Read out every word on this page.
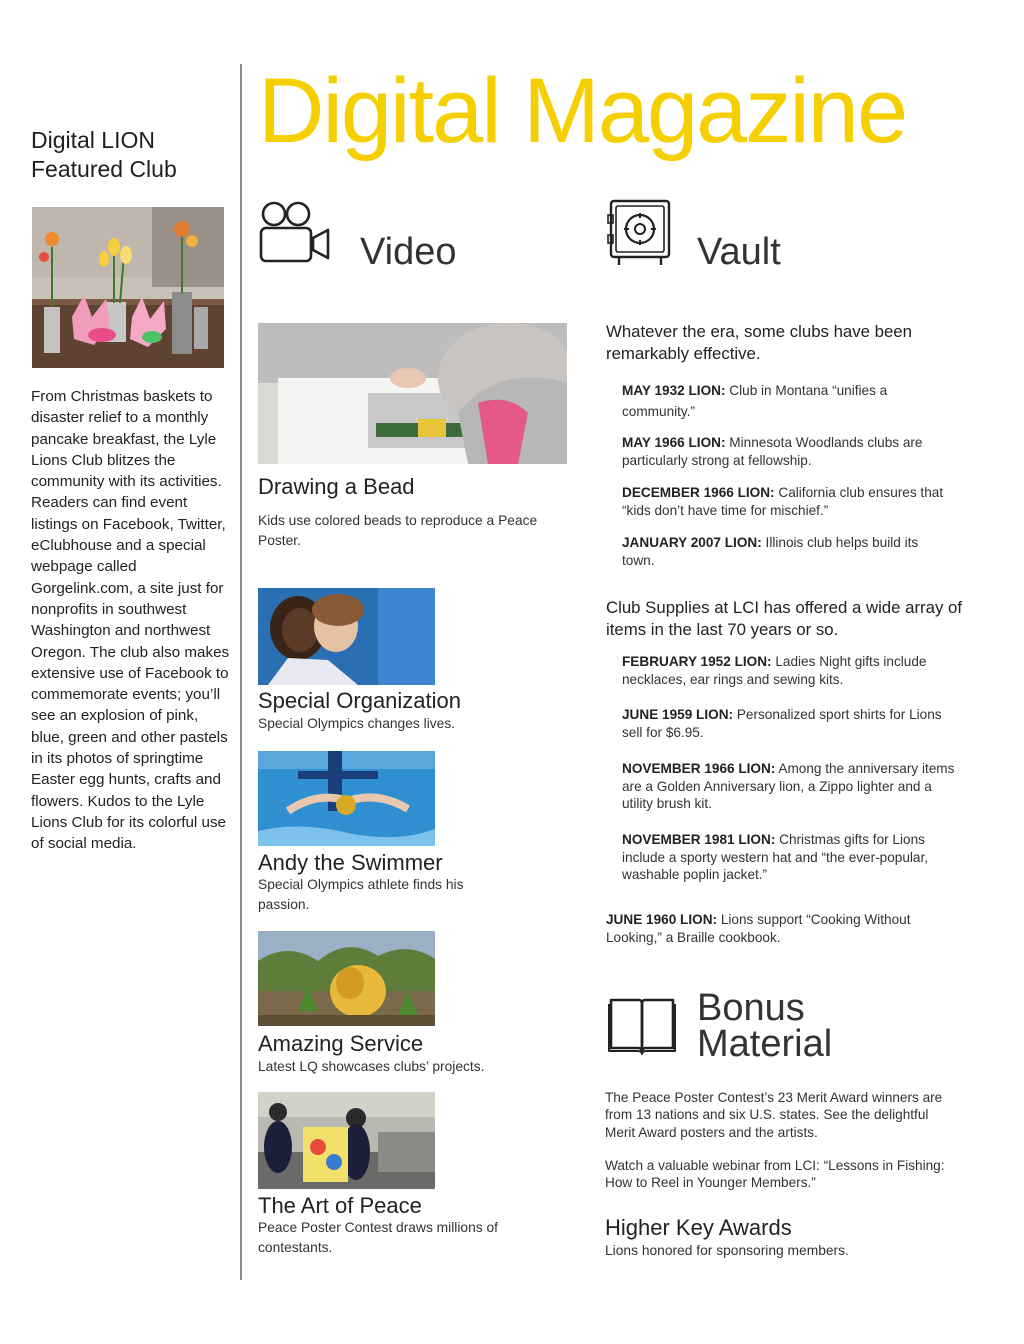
Digital LION
Featured Club
From Christmas baskets to disaster relief to a monthly pancake breakfast, the Lyle Lions Club blitzes the community with its activities. Readers can find event listings on Facebook, Twitter, eClubhouse and a special webpage called Gorgelink.com, a site just for nonprofits in southwest Washington and northwest Oregon. The club also makes extensive use of Facebook to commemorate events; you’ll see an explosion of pink, blue, green and other pastels in its photos of springtime Easter egg hunts, crafts and flowers. Kudos to the Lyle Lions Club for its colorful use of social media.
Digital Magazine
Video
Drawing a Bead
Kids use colored beads to reproduce a Peace Poster.
Special Organization
Special Olympics changes lives.
Andy the Swimmer
Special Olympics athlete finds his passion.
Amazing Service
Latest LQ showcases clubs’ projects.
The Art of Peace
Peace Poster Contest draws millions of contestants.
Vault
Whatever the era, some clubs have been remarkably effective.
MAY 1932 LION: Club in Montana “unifies a community.”
MAY 1966 LION: Minnesota Woodlands clubs are particularly strong at fellowship.
DECEMBER 1966 LION: California club ensures that “kids don’t have time for mischief.”
JANUARY 2007 LION: Illinois club helps build its town.
Club Supplies at LCI has offered a wide array of items in the last 70 years or so.
FEBRUARY 1952 LION: Ladies Night gifts include necklaces, ear rings and sewing kits.
JUNE 1959 LION: Personalized sport shirts for Lions sell for $6.95.
NOVEMBER 1966 LION: Among the anniversary items are a Golden Anniversary lion, a Zippo lighter and a utility brush kit.
NOVEMBER 1981 LION: Christmas gifts for Lions include a sporty western hat and “the ever-popular, washable poplin jacket.”
JUNE 1960 LION: Lions support “Cooking Without Looking,” a Braille cookbook.
Bonus
Material
The Peace Poster Contest’s 23 Merit Award winners are from 13 nations and six U.S. states. See the delightful Merit Award posters and the artists.
Watch a valuable webinar from LCI: “Lessons in Fishing: How to Reel in Younger Members.”
Higher Key Awards
Lions honored for sponsoring members.
